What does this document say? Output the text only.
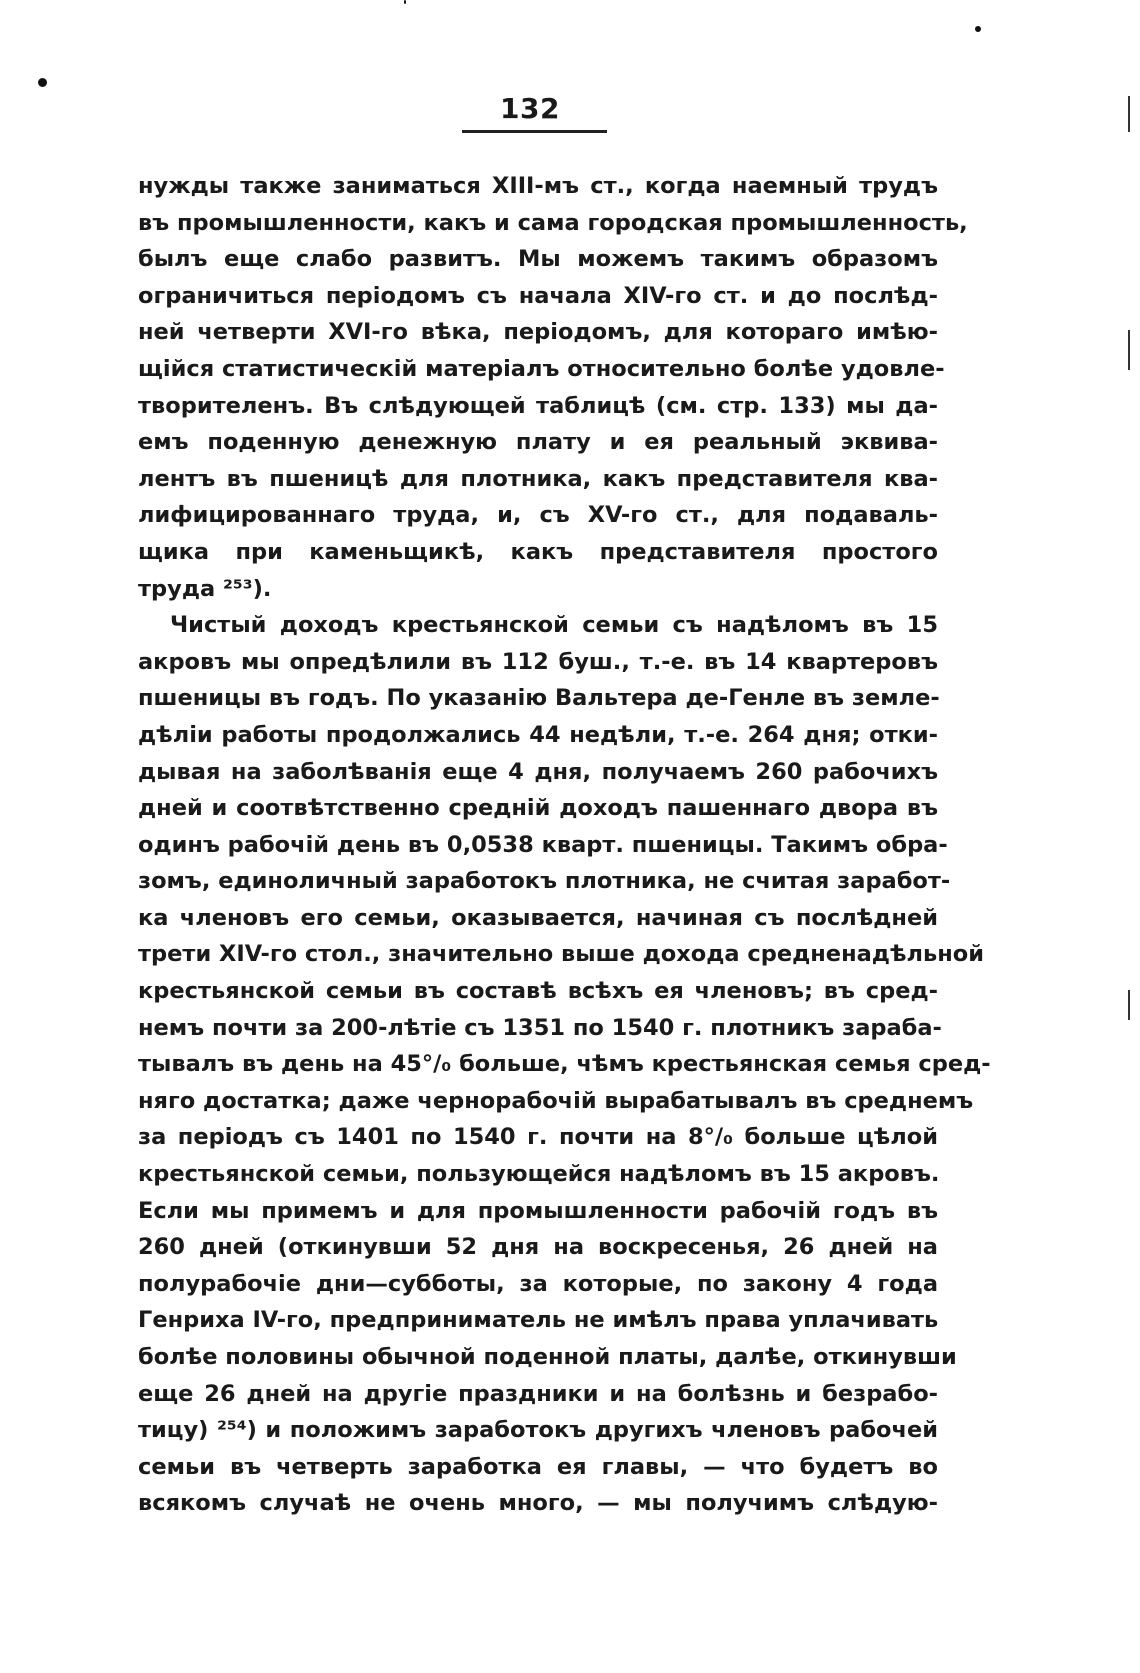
132
нужды также заниматься XIII-мъ ст., когда наемный трудъ
въ промышленности, какъ и сама городская промышленность,
былъ еще слабо развитъ. Мы можемъ такимъ образомъ
ограничиться періодомъ съ начала XIV-го ст. и до послѣд-
ней четверти XVI-го вѣка, періодомъ, для котораго имѣю-
щійся статистическій матеріалъ относительно болѣе удовле-
творителенъ. Въ слѣдующей таблицѣ (см. стр. 133) мы да-
емъ поденную денежную плату и ея реальный эквива-
лентъ въ пшеницѣ для плотника, какъ представителя ква-
лифицированнаго труда, и, съ XV-го ст., для подаваль-
щика при каменьщикѣ, какъ представителя простого
труда ²⁵³).
Чистый доходъ крестьянской семьи съ надѣломъ въ 15
акровъ мы опредѣлили въ 112 буш., т.-е. въ 14 квартеровъ
пшеницы въ годъ. По указанію Вальтера де-Генле въ земле-
дѣліи работы продолжались 44 недѣли, т.-е. 264 дня; отки-
дывая на заболѣванія еще 4 дня, получаемъ 260 рабочихъ
дней и соотвѣтственно средній доходъ пашеннаго двора въ
одинъ рабочій день въ 0,0538 кварт. пшеницы. Такимъ обра-
зомъ, единоличный заработокъ плотника, не считая заработ-
ка членовъ его семьи, оказывается, начиная съ послѣдней
трети XIV-го стол., значительно выше дохода средненадѣльной
крестьянской семьи въ составѣ всѣхъ ея членовъ; въ сред-
немъ почти за 200-лѣтіе съ 1351 по 1540 г. плотникъ зараба-
тывалъ въ день на 45°/₀ больше, чѣмъ крестьянская семья сред-
няго достатка; даже чернорабочій вырабатывалъ въ среднемъ
за періодъ съ 1401 по 1540 г. почти на 8°/₀ больше цѣлой
крестьянской семьи, пользующейся надѣломъ въ 15 акровъ.
Если мы примемъ и для промышленности рабочій годъ въ
260 дней (откинувши 52 дня на воскресенья, 26 дней на
полурабочіе дни—субботы, за которые, по закону 4 года
Генриха IV-го, предприниматель не имѣлъ права уплачивать
болѣе половины обычной поденной платы, далѣе, откинувши
еще 26 дней на другіе праздники и на болѣзнь и безрабо-
тицу) ²⁵⁴) и положимъ заработокъ другихъ членовъ рабочей
семьи въ четверть заработка ея главы, — что будетъ во
всякомъ случаѣ не очень много, — мы получимъ слѣдую-
